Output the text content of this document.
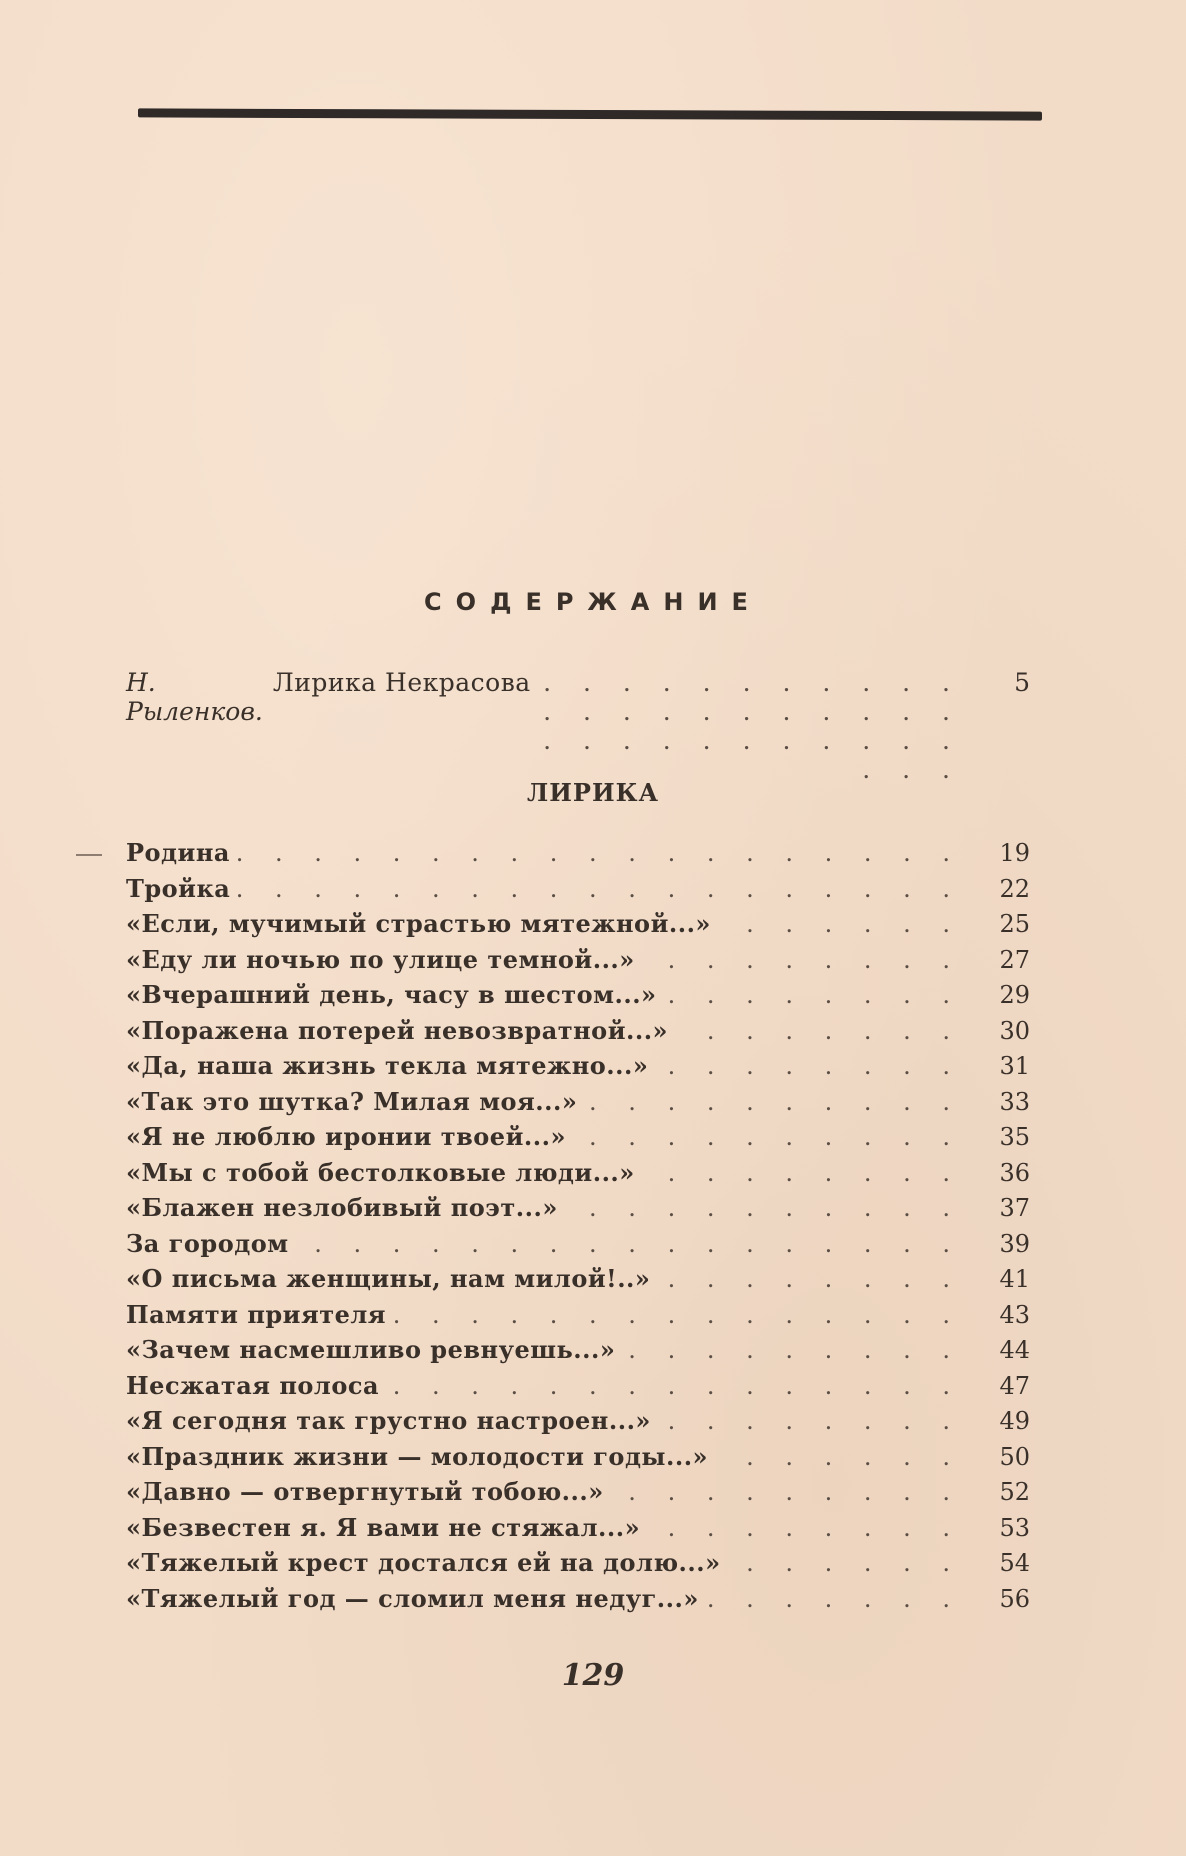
СОДЕРЖАНИЕ
Н. Рыленков.
Лирика Некрасова . . .	5
ЛИРИКА
Родина . . .	19
Тройка . . .	22
«Если, мучимый страстью мятежной...» . . .	25
«Еду ли ночью по улице темной...» . . .	27
«Вчерашний день, часу в шестом...» . . .	29
«Поражена потерей невозвратной...» . . .	30
«Да, наша жизнь текла мятежно...» . . .	31
«Так это шутка? Милая моя...» . . .	33
«Я не люблю иронии твоей...» . . .	35
«Мы с тобой бестолковые люди...» . . .	36
«Блажен незлобивый поэт...» . . .	37
За городом . . .	39
«О письма женщины, нам милой!..» . . .	41
Памяти приятеля . . .	43
«Зачем насмешливо ревнуешь...» . . .	44
Несжатая полоса . . .	47
«Я сегодня так грустно настроен...» . . .	49
«Праздник жизни — молодости годы...» . . .	50
«Давно — отвергнутый тобою...» . . .	52
«Безвестен я. Я вами не стяжал...» . . .	53
«Тяжелый крест достался ей на долю...» . . .	54
«Тяжелый год — сломил меня недуг...» . . .	56
129
